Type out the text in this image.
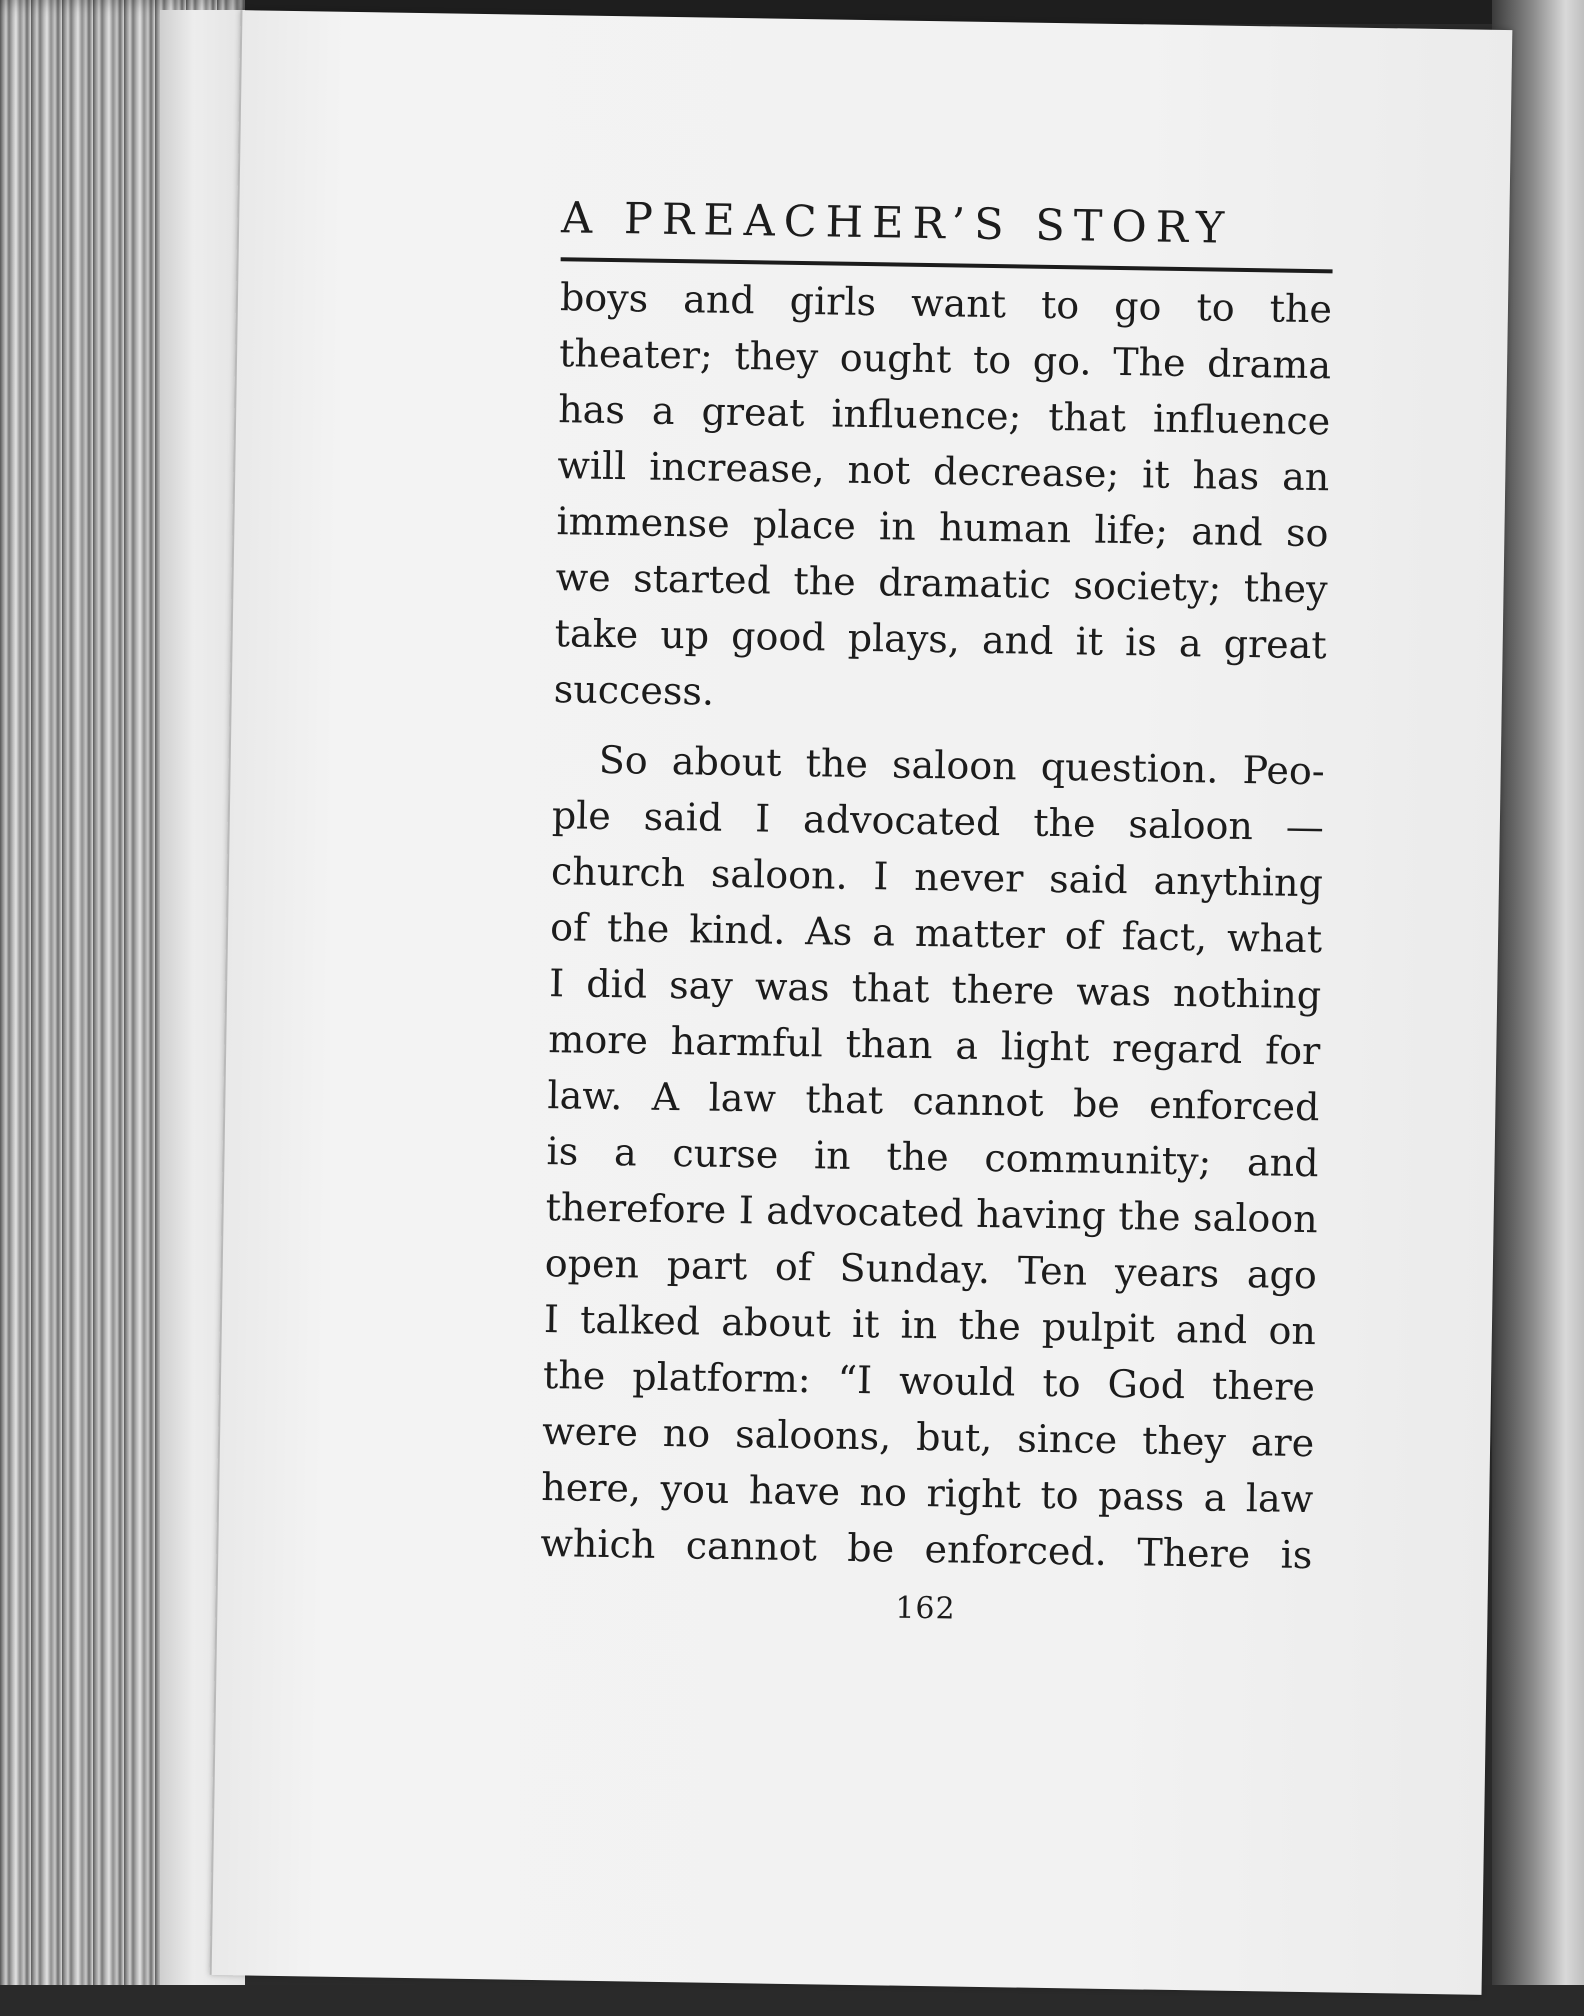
A PREACHER’S STORY
boys and girls want to go to the
theater; they ought to go. The drama
has a great influence; that influence
will increase, not decrease; it has an
immense place in human life; and so
we started the dramatic society; they
take up good plays, and it is a great
success.
So about the saloon question. Peo-
ple said I advocated the saloon —
church saloon. I never said anything
of the kind. As a matter of fact, what
I did say was that there was nothing
more harmful than a light regard for
law. A law that cannot be enforced
is a curse in the community; and
therefore I advocated having the saloon
open part of Sunday. Ten years ago
I talked about it in the pulpit and on
the platform: “I would to God there
were no saloons, but, since they are
here, you have no right to pass a law
which cannot be enforced. There is
162
